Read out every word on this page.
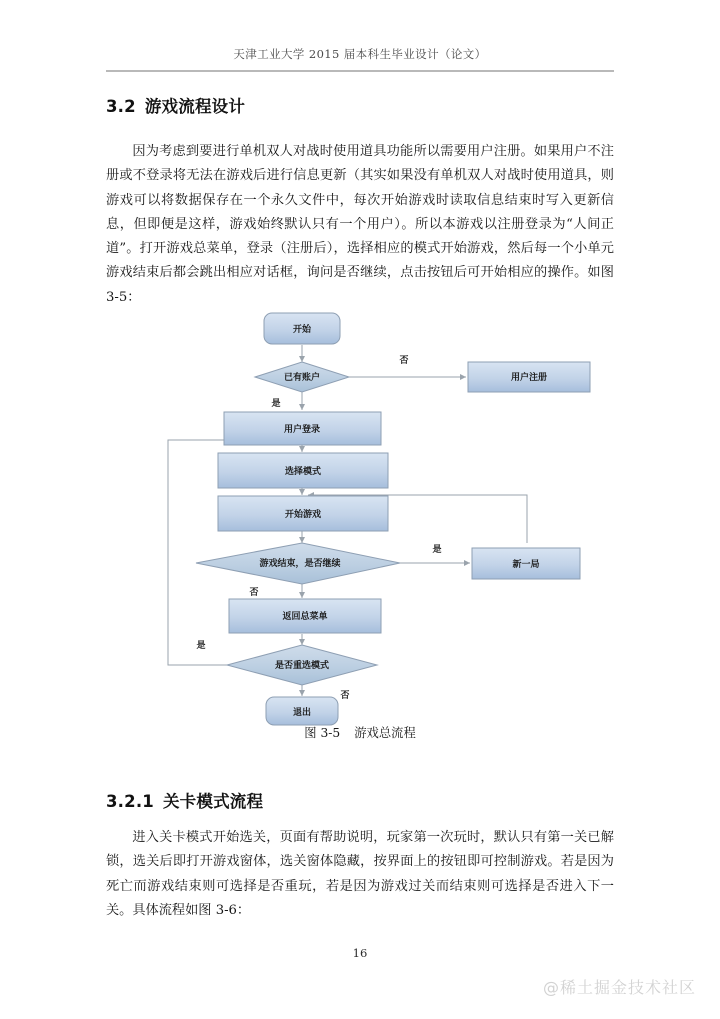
天津工业大学 2015 届本科生毕业设计（论文）
3.2 游戏流程设计
因为考虑到要进行单机双人对战时使用道具功能所以需要用户注册。如果用户不注册或不登录将无法在游戏后进行信息更新（其实如果没有单机双人对战时使用道具，则游戏可以将数据保存在一个永久文件中，每次开始游戏时读取信息结束时写入更新信息，但即便是这样，游戏始终默认只有一个用户）。所以本游戏以注册登录为“人间正道”。打开游戏总菜单，登录（注册后），选择相应的模式开始游戏，然后每一个小单元游戏结束后都会跳出相应对话框，询问是否继续，点击按钮后可开始相应的操作。如图 3-5：
开始
已有账户	用户注册
用户登录
选择模式
开始游戏
游戏结束，是否继续	新一局
返回总菜单
是否重选模式
退出
否
是
是
否
是
否
图 3-5 游戏总流程
3.2.1 关卡模式流程
进入关卡模式开始选关，页面有帮助说明，玩家第一次玩时，默认只有第一关已解锁，选关后即打开游戏窗体，选关窗体隐藏，按界面上的按钮即可控制游戏。若是因为死亡而游戏结束则可选择是否重玩，若是因为游戏过关而结束则可选择是否进入下一关。具体流程如图 3-6：
16
@稀土掘金技术社区
